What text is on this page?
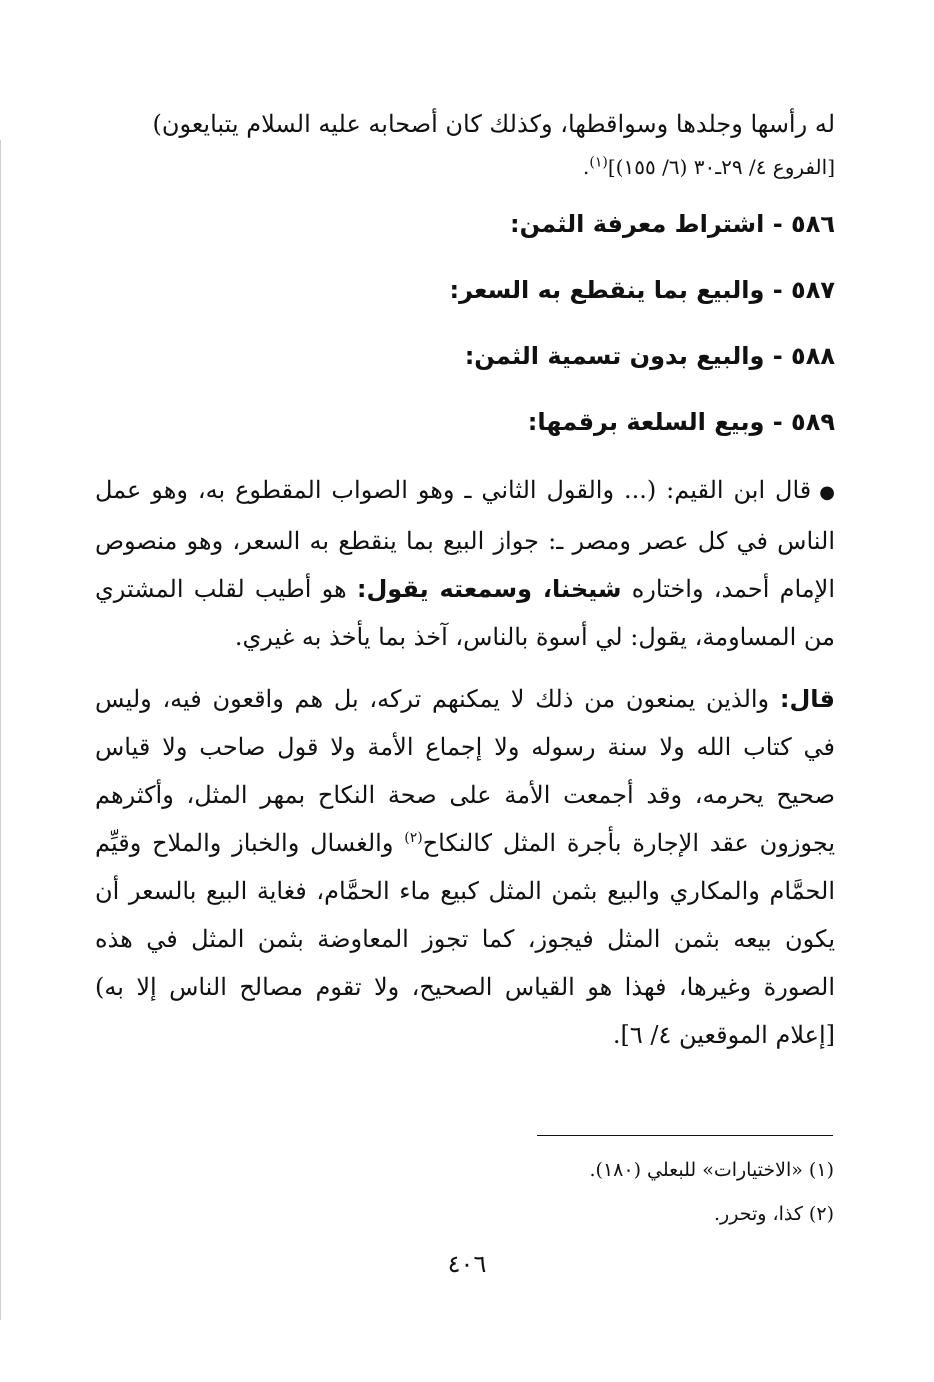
له رأسها وجلدها وسواقطها، وكذلك كان أصحابه عليه السلام يتبايعون)

[الفروع ٤/ ٢٩ـ٣٠ (٦/ ١٥٥)]$^{(١)}$.

٥٨٦ - اشتراط معرفة الثمن:

٥٨٧ - والبيع بما ينقطع به السعر:

٥٨٨ - والبيع بدون تسمية الثمن:

٥٨٩ - وبيع السلعة برقمها:

●قال ابن القيم: (... والقول الثاني ـ وهو الصواب المقطوع به، وهو عمل الناس في كل عصر ومصر ـ: جواز البيع بما ينقطع به السعر، وهو منصوص الإمام أحمد، واختاره شيخنا، وسمعته يقول: هو أطيب لقلب المشتري من المساومة، يقول: لي أسوة بالناس، آخذ بما يأخذ به غيري.

قال: والذين يمنعون من ذلك لا يمكنهم تركه، بل هم واقعون فيه، وليس في كتاب الله ولا سنة رسوله ولا إجماع الأمة ولا قول صاحب ولا قياس صحيح يحرمه، وقد أجمعت الأمة على صحة النكاح بمهر المثل، وأكثرهم يجوزون عقد الإجارة بأجرة المثل كالنكاح$^{(٢)}$ والغسال والخباز والملاح وقيِّم الحمَّام والمكاري والبيع بثمن المثل كبيع ماء الحمَّام، فغاية البيع بالسعر أن يكون بيعه بثمن المثل فيجوز، كما تجوز المعاوضة بثمن المثل في هذه الصورة وغيرها، فهذا هو القياس الصحيح، ولا تقوم مصالح الناس إلا به) [إعلام الموقعين ٤/ ٦].

(١) «الاختيارات» للبعلي (١٨٠).
(٢) كذا، وتحرر.
٤٠٦
